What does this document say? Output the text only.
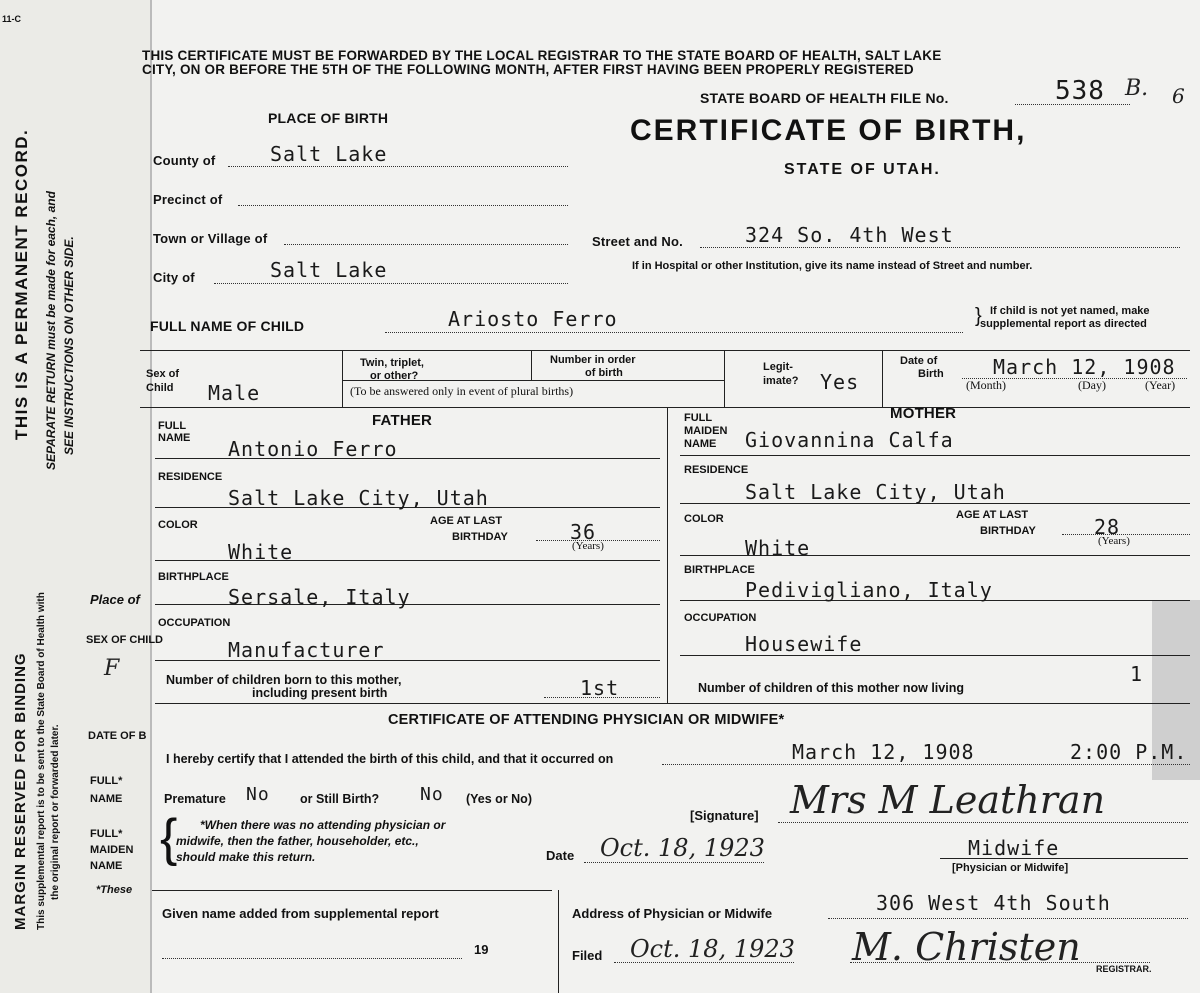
11-C
THIS IS A PERMANENT RECORD. SEPARATE RETURN must be made for each, and SEE INSTRUCTIONS ON OTHER SIDE.
MARGIN RESERVED FOR BINDING This supplemental report is to be sent to the State Board of Health with the original report or forwarded later.
Place of
SEX OF CHILD
F
DATE OF B
FULL* NAME
FULL* MAIDEN NAME
*These
THIS CERTIFICATE MUST BE FORWARDED BY THE LOCAL REGISTRAR TO THE STATE BOARD OF HEALTH, SALT LAKE
CITY, ON OR BEFORE THE 5TH OF THE FOLLOWING MONTH, AFTER FIRST HAVING BEEN PROPERLY REGISTERED
STATE BOARD OF HEALTH FILE No.	538 B. 6
CERTIFICATE OF BIRTH,
STATE OF UTAH.
PLACE OF BIRTH
County of	Salt Lake
Precinct of
Town or Village of
City of	Salt Lake
Street and No.	324 So. 4th West
If in Hospital or other Institution, give its name instead of Street and number.
FULL NAME OF CHILD	Ariosto Ferro	} If child is not yet named, make
supplemental report as directed
Sex of
Child Male
Twin, triplet,
or other?
Number in order
of birth
(To be answered only in event of plural births)
Legit-
imate? Yes
Date of
Birth March 12, 1908
(Month)	(Day)	(Year)
FATHER	MOTHER
FULL
NAME Antonio Ferro
RESIDENCE
Salt Lake City, Utah
COLOR
White
AGE AT LAST
BIRTHDAY	36
(Years)
BIRTHPLACE
Sersale, Italy
OCCUPATION
Manufacturer
FULL
MAIDEN
NAME Giovannina Calfa
RESIDENCE
Salt Lake City, Utah
COLOR
White
AGE AT LAST
BIRTHDAY	28
(Years)
BIRTHPLACE
Pedivigliano, Italy
OCCUPATION
Housewife
Number of children born to this mother,
including present birth	1st	Number of children of this mother now living
1
CERTIFICATE OF ATTENDING PHYSICIAN OR MIDWIFE*
I hereby certify that I attended the birth of this child, and that it occurred on	March 12, 1908	2:00 P.M.
Premature No or Still Birth? No (Yes or No)
{ *When there was no attending physician or
midwife, then the father, householder, etc.,
should make this return.
[Signature] Mrs M Leathran
Midwife
[Physician or Midwife]
Date Oct. 18, 1923
Given name added from supplemental report
19
Address of Physician or Midwife	306 West 4th South
Filed Oct. 18, 1923 M. Christen REGISTRAR.
